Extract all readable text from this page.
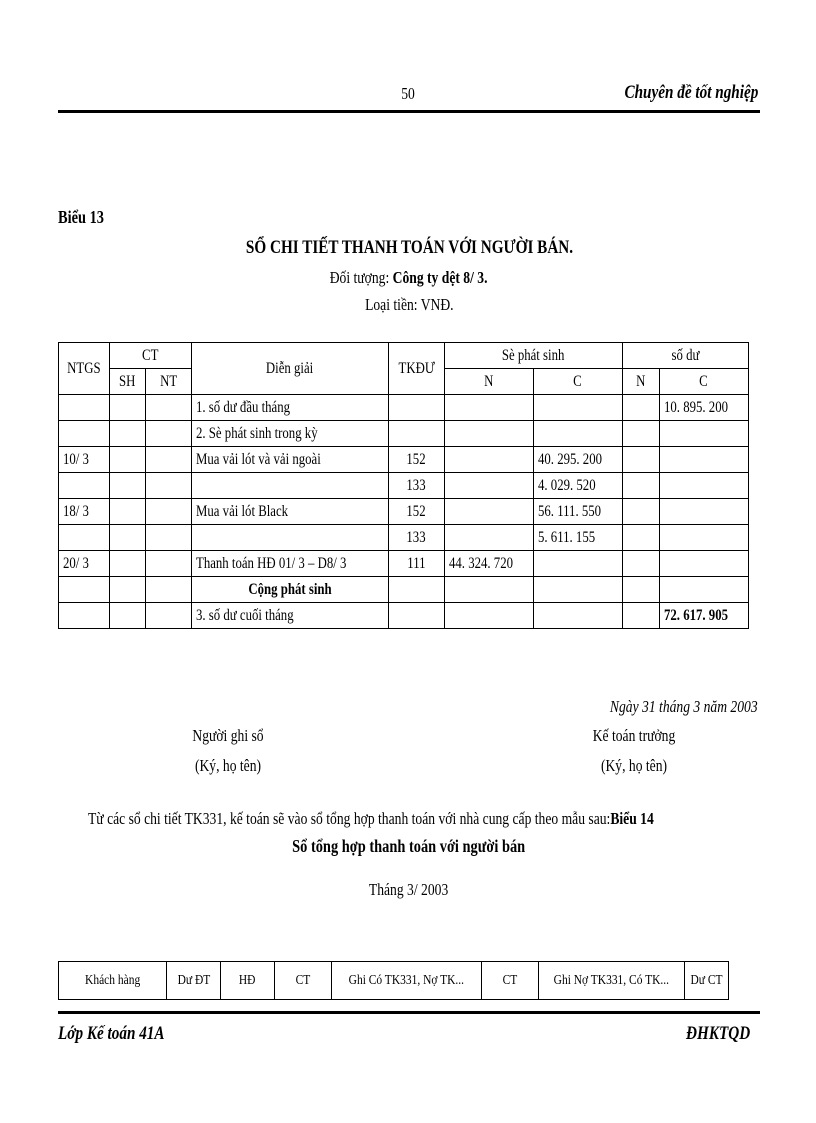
50	Chuyên đề tốt nghiệp
Biểu 13
SỔ CHI TIẾT THANH TOÁN VỚI NGƯỜI BÁN.
Đối tượng: Công ty dệt 8/ 3.
Loại tiền: VNĐ.
NTGS	CT		Diễn giải	TKĐƯ	Sè phát sinh		số dư	
	SH	NT			N	C	N	C
			1. số dư đầu tháng					10. 895. 200
			2. Sè phát sinh trong kỳ					
10/ 3			Mua vải lót và vải ngoài	152		40. 295. 200		
				133		4. 029. 520		
18/ 3			Mua vải lót Black	152		56. 111. 550		
				133		5. 611. 155		
20/ 3			Thanh toán HĐ 01/ 3 – D8/ 3	111	44. 324. 720			
			Cộng phát sinh					
			3. số dư cuối tháng					72. 617. 905
Ngày 31 tháng 3 năm 2003
Người ghi sổ
(Ký, họ tên)
Kế toán trưởng
(Ký, họ tên)
Từ các sổ chi tiết TK331, kế toán sẽ vào sổ tổng hợp thanh toán với nhà cung cấp theo mẫu sau:Biểu 14
Sổ tổng hợp thanh toán với người bán
Tháng 3/ 2003
Khách hàng	Dư ĐT	HĐ	CT	Ghi Có TK331, Nợ TK...	CT	Ghi Nợ TK331, Có TK...	Dư CT
Lớp Kế toán 41A	ĐHKTQD
